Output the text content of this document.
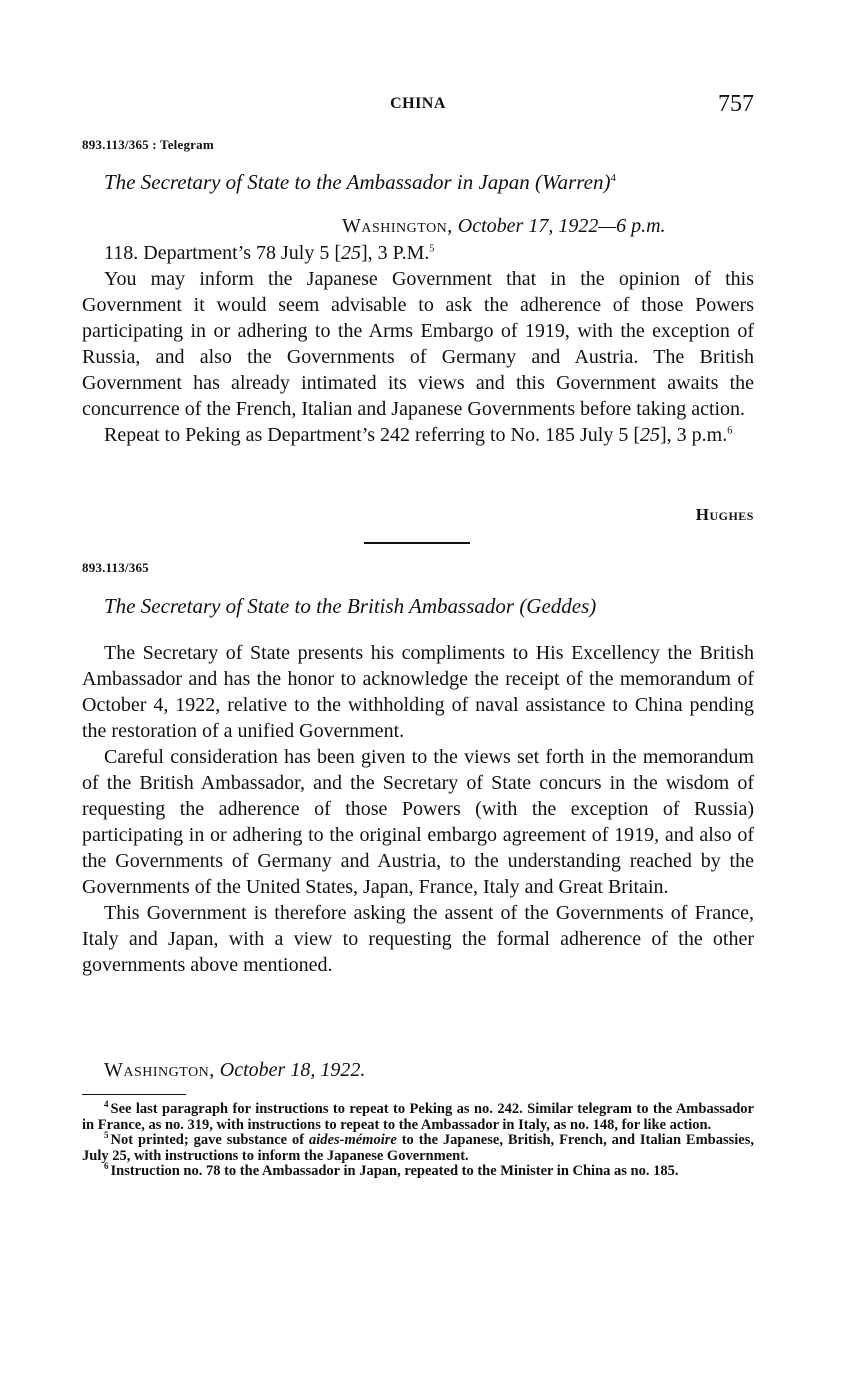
CHINA	757
893.113/365 : Telegram
The Secretary of State to the Ambassador in Japan (Warren)$^4$
Washington, October 17, 1922—6 p.m.

118. Department’s 78 July 5 [25], 3 P.M.$^5$

You may inform the Japanese Government that in the opinion of this Government it would seem advisable to ask the adherence of those Powers participating in or adhering to the Arms Embargo of 1919, with the exception of Russia, and also the Governments of Germany and Austria. The British Government has already intimated its views and this Government awaits the concurrence of the French, Italian and Japanese Governments before taking action.

Repeat to Peking as Department’s 242 referring to No. 185 July 5 [25], 3 p.m.$^6$

Hughes
893.113/365
The Secretary of State to the British Ambassador (Geddes)

The Secretary of State presents his compliments to His Excellency the British Ambassador and has the honor to acknowledge the receipt of the memorandum of October 4, 1922, relative to the withholding of naval assistance to China pending the restoration of a unified Government.

Careful consideration has been given to the views set forth in the memorandum of the British Ambassador, and the Secretary of State concurs in the wisdom of requesting the adherence of those Powers (with the exception of Russia) participating in or adhering to the original embargo agreement of 1919, and also of the Governments of Germany and Austria, to the understanding reached by the Governments of the United States, Japan, France, Italy and Great Britain.

This Government is therefore asking the assent of the Governments of France, Italy and Japan, with a view to requesting the formal adherence of the other governments above mentioned.

Washington, October 18, 1922.

$^4$ See last paragraph for instructions to repeat to Peking as no. 242. Similar telegram to the Ambassador in France, as no. 319, with instructions to repeat to the Ambassador in Italy, as no. 148, for like action.

$^5$ Not printed; gave substance of aides-mémoire to the Japanese, British, French, and Italian Embassies, July 25, with instructions to inform the Japanese Government.

$^6$ Instruction no. 78 to the Ambassador in Japan, repeated to the Minister in China as no. 185.
